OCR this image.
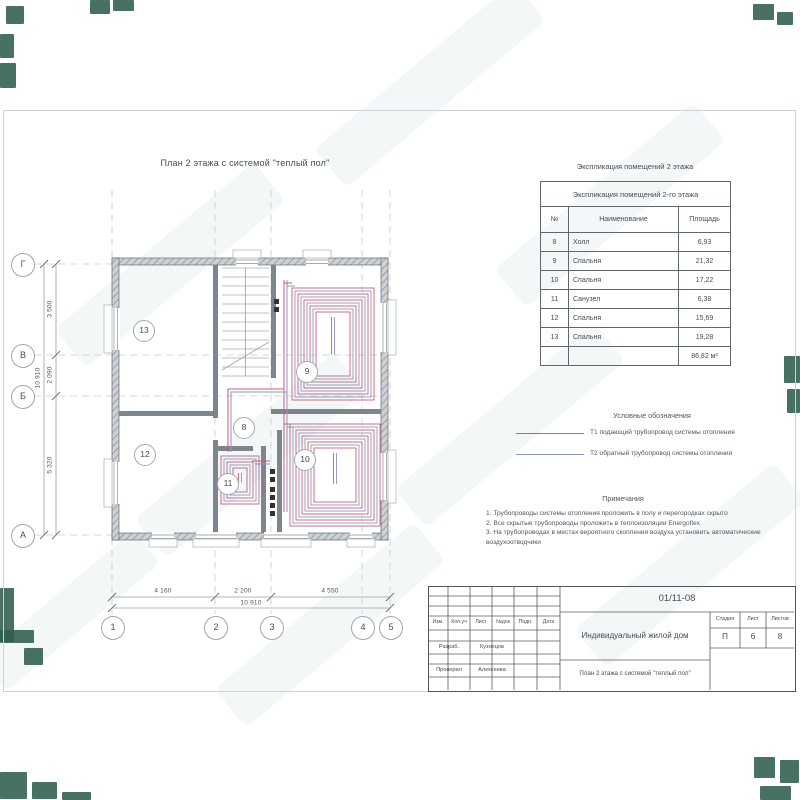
План 2 этажа с системой "теплый пол"
Г
В
Б
А
1	2	3	4	5
13
9
8
12
11
10
3 500
2 090
5 320
10 910
4 160	2 200	4 550
10 910
Экспликация помещений 2 этажа
Экспликация помещений 2-го этажа		
№	Наименование	Площадь
8	Холл	6,93
9	Спальня	21,32
10	Спальня	17,22
11	Санузел	6,38
12	Спальня	15,69
13	Спальня	19,28
		86,82 м²
Условные обозначения
Т1 подающий трубопровод системы отопления
Т2 обратный трубопровод системы отопления
Примечания
1. Трубопроводы системы отопления проложить в полу и перегородках скрыто
2. Все скрытые трубопроводы проложить в теплоизоляции Energoflex
3. На трубопроводах в местах вероятного скопления воздуха установить автоматические воздухоотводчики
01/11-08
Индивидуальный жилой дом
План 2 этажа с системой "теплый пол"
Изм.	Кол.уч	Лист	№док	Подп.	Дата
Разраб.	Кузнецов
Проверил	Алексеева
Стадия	Лист	Листов
П	6	8
